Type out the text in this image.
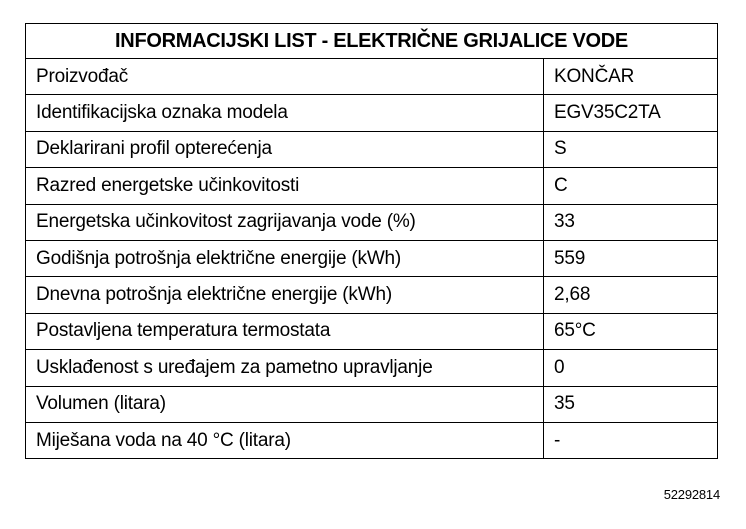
INFORMACIJSKI LIST - ELEKTRIČNE GRIJALICE VODE
Proizvođač	KONČAR
Identifikacijska oznaka modela	EGV35C2TA
Deklarirani profil opterećenja	S
Razred energetske učinkovitosti	C
Energetska učinkovitost zagrijavanja vode (%)	33
Godišnja potrošnja električne energije (kWh)	559
Dnevna potrošnja električne energije (kWh)	2,68
Postavljena temperatura termostata	65°C
Usklađenost s uređajem za pametno upravljanje	0
Volumen (litara)	35
Miješana voda na 40 °C (litara)	-
52292814
